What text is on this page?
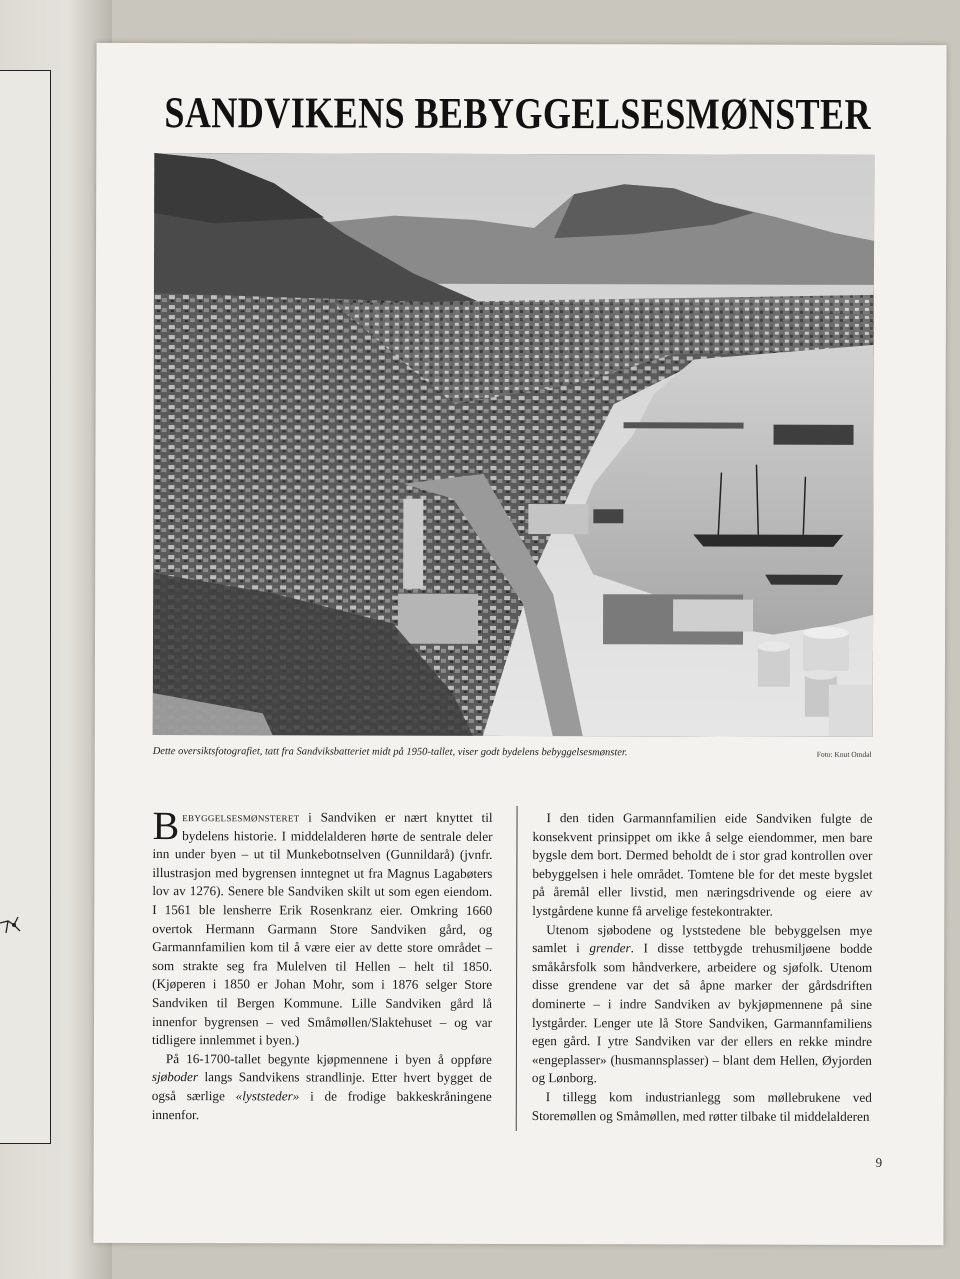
SANDVIKENS BEBYGGELSESMØNSTER
Dette oversiktsfotografiet, tatt fra Sandviksbatteriet midt på 1950-tallet, viser godt bydelens bebyggelsesmønster.	Foto: Knut Omdal

Bebyggelsesmønsteret i Sandviken er nært knyttet til bydelens historie. I middelalderen hørte de sentrale deler inn under byen – ut til Munkebotnselven (Gunnildarå) (jvnfr. illustrasjon med bygrensen inntegnet ut fra Magnus Lagabøters lov av 1276). Senere ble Sandviken skilt ut som egen eiendom. I 1561 ble lensherre Erik Rosenkranz eier. Omkring 1660 overtok Hermann Garmann Store Sandviken gård, og Garmannfamilien kom til å være eier av dette store området – som strakte seg fra Mulelven til Hellen – helt til 1850. (Kjøperen i 1850 er Johan Mohr, som i 1876 selger Store Sandviken til Bergen Kommune. Lille Sandviken gård lå innenfor bygrensen – ved Småmøllen/Slaktehuset – og var tidligere innlemmet i byen.)

På 16-1700-tallet begynte kjøpmennene i byen å oppføre sjøboder langs Sandvikens strandlinje. Etter hvert bygget de også særlige «lyststeder» i de frodige bakkeskråningene innenfor.

I den tiden Garmannfamilien eide Sandviken fulgte de konsekvent prinsippet om ikke å selge eiendommer, men bare bygsle dem bort. Dermed beholdt de i stor grad kontrollen over bebyggelsen i hele området. Tomtene ble for det meste bygslet på åremål eller livstid, men næringsdrivende og eiere av lystgårdene kunne få arvelige festekontrakter.

Utenom sjøbodene og lyststedene ble bebyggelsen mye samlet i grender. I disse tettbygde trehusmiljøene bodde småkårsfolk som håndverkere, arbeidere og sjøfolk. Utenom disse grendene var det så åpne marker der gårdsdriften dominerte – i indre Sandviken av bykjøpmennene på sine lystgårder. Lenger ute lå Store Sandviken, Garmannfamiliens egen gård. I ytre Sandviken var der ellers en rekke mindre «engeplasser» (husmannsplasser) – blant dem Hellen, Øyjorden og Lønborg.

I tillegg kom industrianlegg som møllebrukene ved Storemøllen og Småmøllen, med røtter tilbake til middelalderen

9
